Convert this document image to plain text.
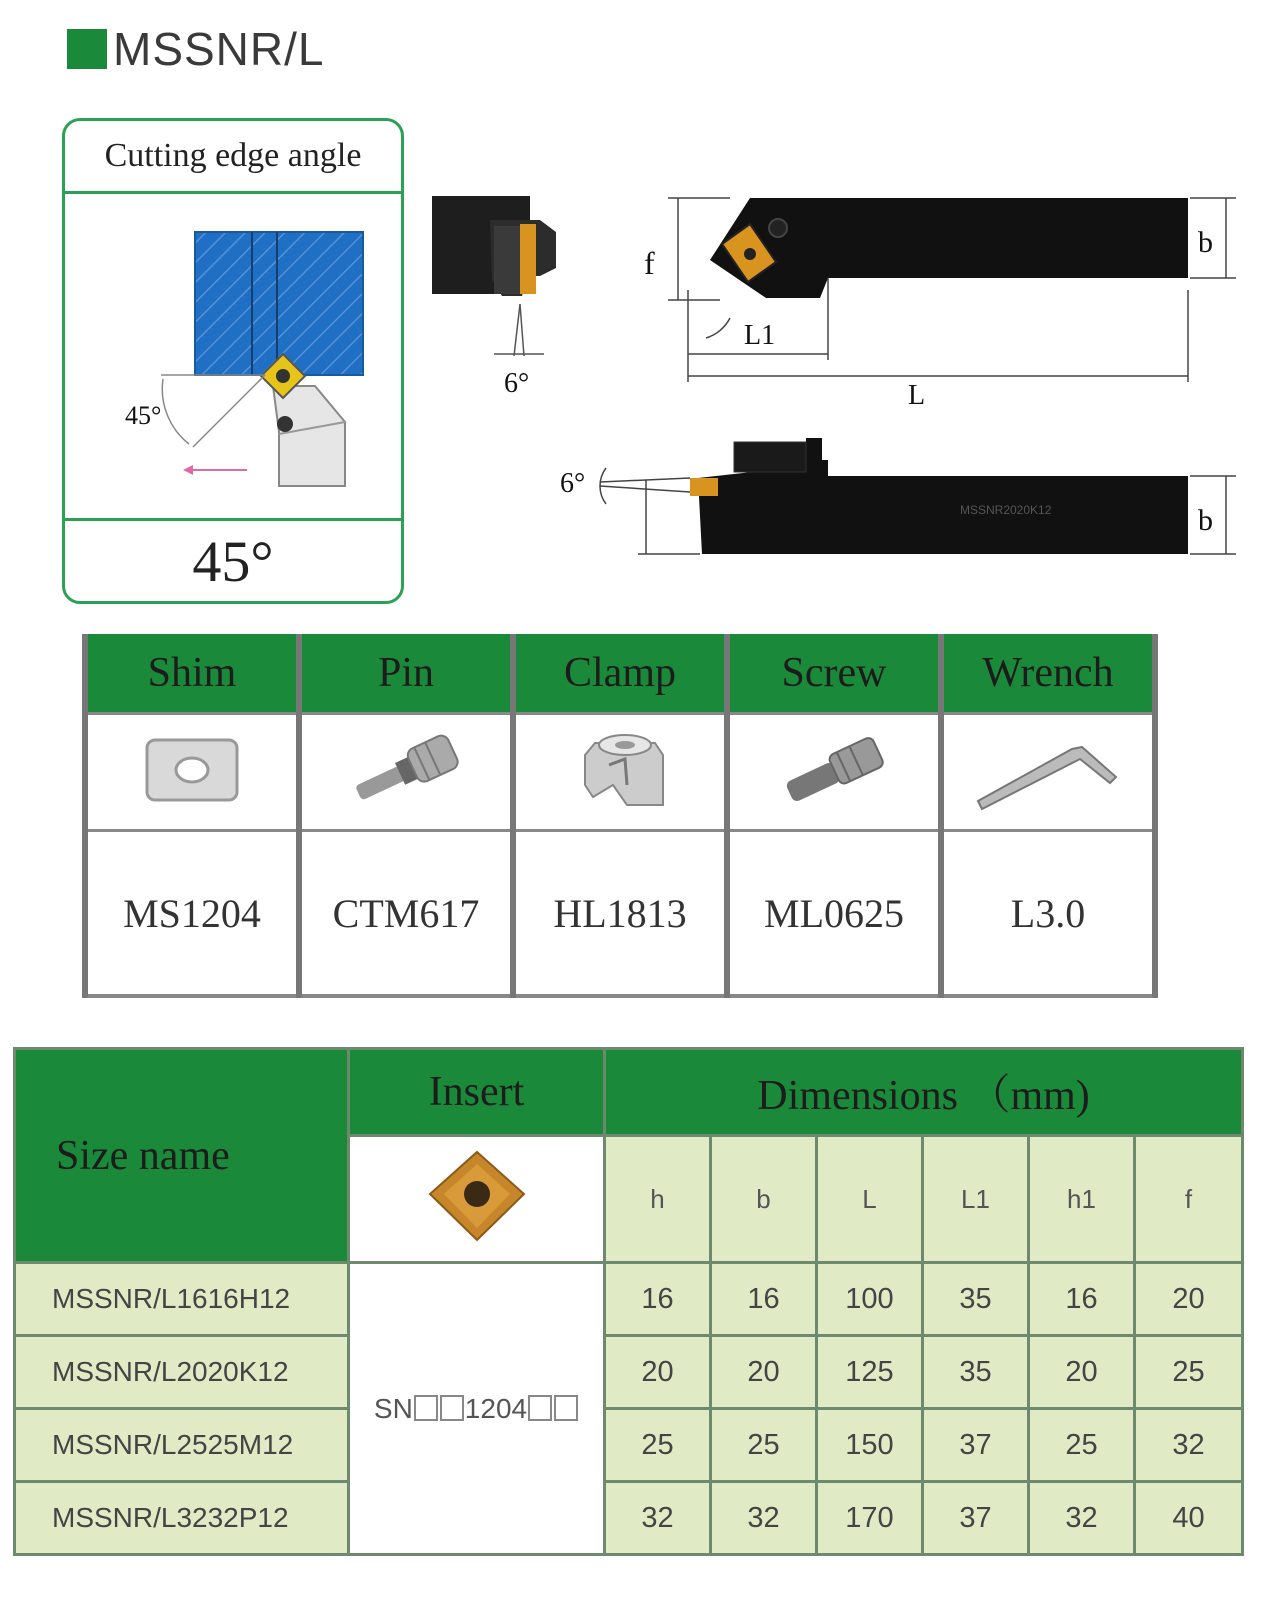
MSSNR/L
Cutting edge angle
45°
45°
6°
f
b
L1
L
MSSNR2020K12
6°
b
Shim	Pin	Clamp	Screw	Wrench

MS1204	CTM617	HL1813	ML0625	L3.0
Size name	Insert	Dimensions （mm)					
	h	b	L	L1	h1	f
MSSNR/L1616H12	SN 1204	16	16	100	35	16	20
MSSNR/L2020K12		20	20	125	35	20	25
MSSNR/L2525M12		25	25	150	37	25	32
MSSNR/L3232P12		32	32	170	37	32	40
